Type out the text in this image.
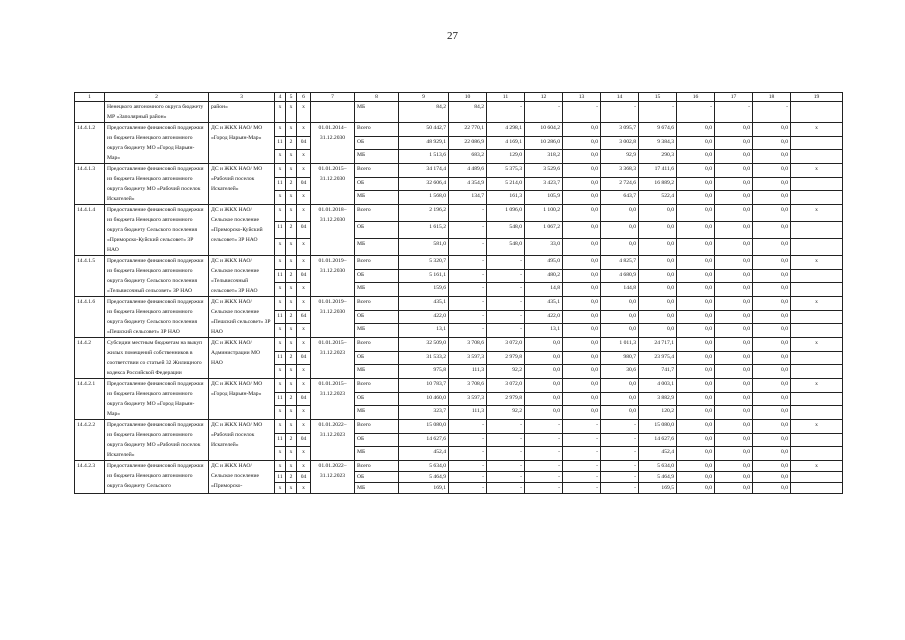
27
1	2	3	4	5	6	7	8	9	10	11	12	13	14	15	16	17	18	19
	Ненецкого автономного округа бюджету МР «Заполярный район»	район»	х	х	х		МБ	84,2	84,2	-	-	-	-	-	-	-	-	
14.4.1.2	Предоставление финансовой поддержки из бюджета Ненецкого автономного округа бюджету МО «Город Нарьян-Мар»	ДС и ЖКХ НАО/ МО «Город Нарьян-Мар»	х	х	х	01.01.2014– 31.12.2030	Всего	50 442,7	22 770,1	4 298,1	10 604,2	0,0	3 095,7	9 674,6	0,0	0,0	0,0	х
			11	2	04		ОБ	48 929,1	22 086,9	4 169,1	10 286,0	0,0	3 002,8	9 384,3	0,0	0,0	0,0	
			х	х	х		МБ	1 513,6	683,2	129,0	318,2	0,0	92,9	290,3	0,0	0,0	0,0	
14.4.1.3	Предоставление финансовой поддержки из бюджета Ненецкого автономного округа бюджету МО «Рабочий поселок Искателей»	ДС и ЖКХ НАО/ МО «Рабочий поселок Искателей»	х	х	х	01.01.2015– 31.12.2030	Всего	34 174,4	4 489,6	5 375,3	3 529,6	0,0	3 368,3	17 411,6	0,0	0,0	0,0	х
			11	2	04		ОБ	32 606,4	4 354,9	5 214,0	3 423,7	0,0	2 724,6	16 889,2	0,0	0,0	0,0	
			х	х	х		МБ	1 568,0	134,7	161,3	105,9	0,0	643,7	522,4	0,0	0,0	0,0	
14.4.1.4	Предоставление финансовой поддержки из бюджета Ненецкого автономного округа бюджету Сельского поселения «Приморско-Куйский сельсовет» ЗР НАО	ДС и ЖКХ НАО/ Сельское поселение «Приморско-Куйский сельсовет» ЗР НАО	х	х	х	01.01.2018– 31.12.2030	Всего	2 196,2	-	1 096,0	1 100,2	0,0	0,0	0,0	0,0	0,0	0,0	х
			11	2	04		ОБ	1 615,2	-	548,0	1 067,2	0,0	0,0	0,0	0,0	0,0	0,0	
			х	х	х		МБ	581,0	-	548,0	33,0	0,0	0,0	0,0	0,0	0,0	0,0	
14.4.1.5	Предоставление финансовой поддержки из бюджета Ненецкого автономного округа бюджету Сельского поселения «Тельвисочный сельсовет» ЗР НАО	ДС и ЖКХ НАО/ Сельское поселение «Тельвисочный сельсовет» ЗР НАО	х	х	х	01.01.2019– 31.12.2030	Всего	5 320,7	-	-	495,0	0,0	4 825,7	0,0	0,0	0,0	0,0	х
			11	2	04		ОБ	5 161,1	-	-	480,2	0,0	4 680,9	0,0	0,0	0,0	0,0	
			х	х	х		МБ	159,6	-	-	14,8	0,0	144,8	0,0	0,0	0,0	0,0	
14.4.1.6	Предоставление финансовой поддержки из бюджета Ненецкого автономного округа бюджету Сельского поселения «Пешский сельсовет» ЗР НАО	ДС и ЖКХ НАО/ Сельское поселение «Пешский сельсовет» ЗР НАО	х	х	х	01.01.2019– 31.12.2030	Всего	435,1	-	-	435,1	0,0	0,0	0,0	0,0	0,0	0,0	х
			11	2	64		ОБ	422,0	-	-	422,0	0,0	0,0	0,0	0,0	0,0	0,0	
			х	х	х		МБ	13,1	-	-	13,1	0,0	0,0	0,0	0,0	0,0	0,0	
14.4.2	Субсидии местным бюджетам на выкуп жилых помещений собственников в соответствии со статьей 32 Жилищного кодекса Российской Федерации	ДС и ЖКХ НАО/ Администрации МО НАО	х	х	х	01.01.2015– 31.12.2023	Всего	32 509,0	3 708,6	3 072,0	0,0	0,0	1 011,3	24 717,1	0,0	0,0	0,0	х
			11	2	04		ОБ	31 533,2	3 597,3	2 979,8	0,0	0,0	980,7	23 975,4	0,0	0,0	0,0	
			х	х	х		МБ	975,8	111,3	92,2	0,0	0,0	30,6	741,7	0,0	0,0	0,0	
14.4.2.1	Предоставление финансовой поддержки из бюджета Ненецкого автономного округа бюджету МО «Город Нарьян-Мар»	ДС и ЖКХ НАО/ МО «Город Нарьян-Мар»	х	х	х	01.01.2015– 31.12.2023	Всего	10 783,7	3 708,6	3 072,0	0,0	0,0	0,0	4 003,1	0,0	0,0	0,0	х
			11	2	04		ОБ	10 460,0	3 597,3	2 979,8	0,0	0,0	0,0	3 882,9	0,0	0,0	0,0	
			х	х	х		МБ	323,7	111,3	92,2	0,0	0,0	0,0	120,2	0,0	0,0	0,0	
14.4.2.2	Предоставление финансовой поддержки из бюджета Ненецкого автономного округа бюджету МО «Рабочий поселок Искателей»	ДС и ЖКХ НАО/ МО «Рабочий поселок Искателей»	х	х	х	01.01.2022– 31.12.2023	Всего	15 080,0	-	-	-	-	-	15 080,0	0,0	0,0	0,0	х
			11	2	04		ОБ	14 627,6	-	-	-	-	-	14 627,6	0,0	0,0	0,0	
			х	х	х		МБ	452,4	-	-	-	-	-	452,4	0,0	0,0	0,0	
14.4.2.3	Предоставление финансовой поддержки из бюджета Ненецкого автономного округа бюджету Сельского	ДС и ЖКХ НАО/ Сельское поселение «Приморско-	х	х	х	01.01.2022– 31.12.2023	Всего	5 634,0	-	-	-	-	-	5 634,0	0,0	0,0	0,0	х
			11	2	04		ОБ	5 464,9	-	-	-	-	-	5 464,9	0,0	0,0	0,0	
			х	х	х		МБ	169,1	-	-	-	-	-	169,5	0,0	0,0	0,0	
